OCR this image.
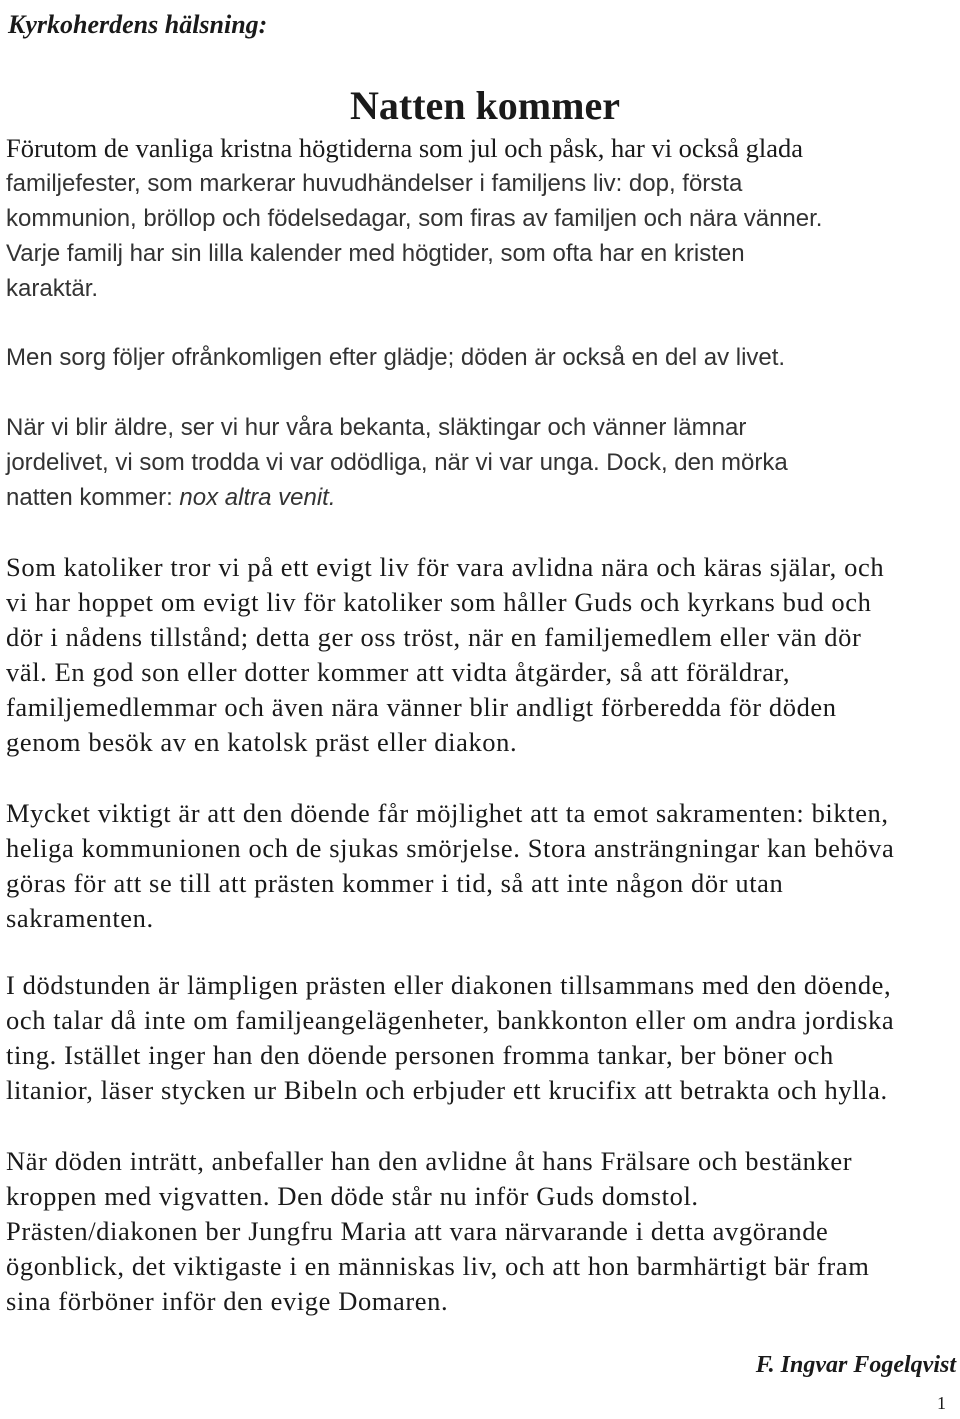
Kyrkoherdens hälsning:

Natten kommer

Förutom de vanliga kristna högtiderna som jul och påsk, har vi också glada
familjefester, som markerar huvudhändelser i familjens liv: dop, första
kommunion, bröllop och födelsedagar, som firas av familjen och nära vänner.
Varje familj har sin lilla kalender med högtider, som ofta har en kristen
karaktär.

Men sorg följer ofrånkomligen efter glädje; döden är också en del av livet.

När vi blir äldre, ser vi hur våra bekanta, släktingar och vänner lämnar
jordelivet, vi som trodda vi var odödliga, när vi var unga. Dock, den mörka
natten kommer: nox altra venit.

Som katoliker tror vi på ett evigt liv för vara avlidna nära och käras själar, och
vi har hoppet om evigt liv för katoliker som håller Guds och kyrkans bud och
dör i nådens tillstånd; detta ger oss tröst, när en familjemedlem eller vän dör
väl. En god son eller dotter kommer att vidta åtgärder, så att föräldrar,
familjemedlemmar och även nära vänner blir andligt förberedda för döden
genom besök av en katolsk präst eller diakon.

Mycket viktigt är att den döende får möjlighet att ta emot sakramenten: bikten,
heliga kommunionen och de sjukas smörjelse. Stora ansträngningar kan behöva
göras för att se till att prästen kommer i tid, så att inte någon dör utan
sakramenten.

I dödstunden är lämpligen prästen eller diakonen tillsammans med den döende,
och talar då inte om familjeangelägenheter, bankkonton eller om andra jordiska
ting. Istället inger han den döende personen fromma tankar, ber böner och
litanior, läser stycken ur Bibeln och erbjuder ett krucifix att betrakta och hylla.

När döden inträtt, anbefaller han den avlidne åt hans Frälsare och bestänker
kroppen med vigvatten. Den döde står nu inför Guds domstol.
Prästen/diakonen ber Jungfru Maria att vara närvarande i detta avgörande
ögonblick, det viktigaste i en människas liv, och att hon barmhärtigt bär fram
sina förböner inför den evige Domaren.

F. Ingvar Fogelqvist

1
